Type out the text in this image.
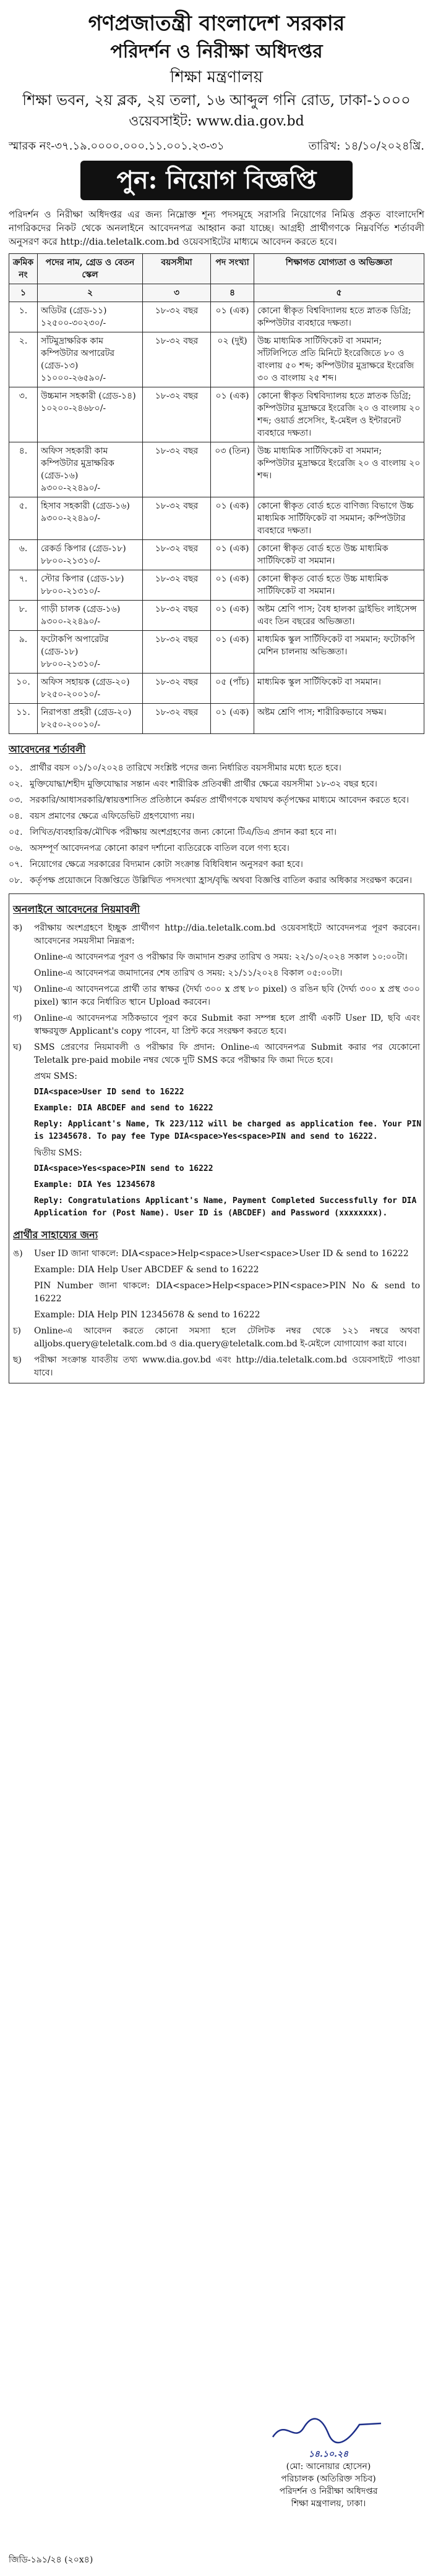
গণপ্রজাতন্ত্রী বাংলাদেশ সরকার
পরিদর্শন ও নিরীক্ষা অধিদপ্তর
শিক্ষা মন্ত্রণালয়
শিক্ষা ভবন, ২য় ব্লক, ২য় তলা, ১৬ আব্দুল গনি রোড, ঢাকা-১০০০
ওয়েবসাইট: www.dia.gov.bd
স্মারক নং-৩৭.১৯.০০০০.০০০.১১.০০১.২৩-৩১	তারিখ: ১৪/১০/২০২৪খ্রি.
পুন: নিয়োগ বিজ্ঞপ্তি
পরিদর্শন ও নিরীক্ষা অধিদপ্তর এর জন্য নিম্নোক্ত শূন্য পদসমূহে সরাসরি নিয়োগের নিমিত্ত প্রকৃত বাংলাদেশি নাগরিকদের নিকট থেকে অনলাইনে আবেদনপত্র আহ্বান করা যাচ্ছে। আগ্রহী প্রার্থীগণকে নিম্নবর্ণিত শর্তাবলী অনুসরণ করে http://dia.teletalk.com.bd ওয়েবসাইটের মাধ্যমে আবেদন করতে হবে।
ক্রমিক নং	পদের নাম, গ্রেড ও বেতন স্কেল	বয়সসীমা	পদ সংখ্যা	শিক্ষাগত যোগ্যতা ও অভিজ্ঞতা
১	২	৩	৪	৫
১.	অডিটর (গ্রেড-১১) ১২৫০০-৩০২৩০/-	১৮-৩২ বছর	০১ (এক)	কোনো স্বীকৃত বিশ্ববিদ্যালয় হতে স্নাতক ডিগ্রি; কম্পিউটার ব্যবহারে দক্ষতা।
২.	সাঁটমুদ্রাক্ষরিক কাম কম্পিউটার অপারেটর (গ্রেড-১৩) ১১০০০-২৬৫৯০/-	১৮-৩২ বছর	০২ (দুই)	উচ্চ মাধ্যমিক সার্টিফিকেট বা সমমান; সাঁটলিপিতে প্রতি মিনিটে ইংরেজিতে ৮০ ও বাংলায় ৫০ শব্দ; কম্পিউটার মুদ্রাক্ষরে ইংরেজি ৩০ ও বাংলায় ২৫ শব্দ।
৩.	উচ্চমান সহকারী (গ্রেড-১৪) ১০২০০-২৪৬৮০/-	১৮-৩২ বছর	০১ (এক)	কোনো স্বীকৃত বিশ্ববিদ্যালয় হতে স্নাতক ডিগ্রি; কম্পিউটার মুদ্রাক্ষরে ইংরেজি ২০ ও বাংলায় ২০ শব্দ; ওয়ার্ড প্রসেসিং, ই-মেইল ও ইন্টারনেট ব্যবহারে দক্ষতা।
৪.	অফিস সহকারী কাম কম্পিউটার মুদ্রাক্ষরিক (গ্রেড-১৬) ৯৩০০-২২৪৯০/-	১৮-৩২ বছর	০৩ (তিন)	উচ্চ মাধ্যমিক সার্টিফিকেট বা সমমান; কম্পিউটার মুদ্রাক্ষরে ইংরেজি ২০ ও বাংলায় ২০ শব্দ।
৫.	হিসাব সহকারী (গ্রেড-১৬) ৯৩০০-২২৪৯০/-	১৮-৩২ বছর	০১ (এক)	কোনো স্বীকৃত বোর্ড হতে বাণিজ্য বিভাগে উচ্চ মাধ্যমিক সার্টিফিকেট বা সমমান; কম্পিউটার ব্যবহারে দক্ষতা।
৬.	রেকর্ড কিপার (গ্রেড-১৮) ৮৮০০-২১৩১০/-	১৮-৩২ বছর	০১ (এক)	কোনো স্বীকৃত বোর্ড হতে উচ্চ মাধ্যমিক সার্টিফিকেট বা সমমান।
৭.	স্টোর কিপার (গ্রেড-১৮) ৮৮০০-২১৩১০/-	১৮-৩২ বছর	০১ (এক)	কোনো স্বীকৃত বোর্ড হতে উচ্চ মাধ্যমিক সার্টিফিকেট বা সমমান।
৮.	গাড়ী চালক (গ্রেড-১৬) ৯৩০০-২২৪৯০/-	১৮-৩২ বছর	০১ (এক)	অষ্টম শ্রেণি পাস; বৈধ হালকা ড্রাইভিং লাইসেন্স এবং তিন বছরের অভিজ্ঞতা।
৯.	ফটোকপি অপারেটর (গ্রেড-১৮) ৮৮০০-২১৩১০/-	১৮-৩২ বছর	০১ (এক)	মাধ্যমিক স্কুল সার্টিফিকেট বা সমমান; ফটোকপি মেশিন চালনায় অভিজ্ঞতা।
১০.	অফিস সহায়ক (গ্রেড-২০) ৮২৫০-২০০১০/-	১৮-৩২ বছর	০৫ (পাঁচ)	মাধ্যমিক স্কুল সার্টিফিকেট বা সমমান।
১১.	নিরাপত্তা প্রহরী (গ্রেড-২০) ৮২৫০-২০০১০/-	১৮-৩২ বছর	০১ (এক)	অষ্টম শ্রেণি পাস; শারীরিকভাবে সক্ষম।
আবেদনের শর্তাবলী
০১. প্রার্থীর বয়স ০১/১০/২০২৪ তারিখে সংশ্লিষ্ট পদের জন্য নির্ধারিত বয়সসীমার মধ্যে হতে হবে।
০২. মুক্তিযোদ্ধা/শহীদ মুক্তিযোদ্ধার সন্তান এবং শারীরিক প্রতিবন্ধী প্রার্থীর ক্ষেত্রে বয়সসীমা ১৮-৩২ বছর হবে।
০৩. সরকারি/আধাসরকারি/স্বায়ত্তশাসিত প্রতিষ্ঠানে কর্মরত প্রার্থীগণকে যথাযথ কর্তৃপক্ষের মাধ্যমে আবেদন করতে হবে।
০৪. বয়স প্রমাণের ক্ষেত্রে এফিডেভিট গ্রহণযোগ্য নয়।
০৫. লিখিত/ব্যবহারিক/মৌখিক পরীক্ষায় অংশগ্রহণের জন্য কোনো টিএ/ডিএ প্রদান করা হবে না।
০৬. অসম্পূর্ণ আবেদনপত্র কোনো কারণ দর্শানো ব্যতিরেকে বাতিল বলে গণ্য হবে।
০৭. নিয়োগের ক্ষেত্রে সরকারের বিদ্যমান কোটা সংক্রান্ত বিধিবিধান অনুসরণ করা হবে।
০৮. কর্তৃপক্ষ প্রয়োজনে বিজ্ঞপ্তিতে উল্লিখিত পদসংখ্যা হ্রাস/বৃদ্ধি অথবা বিজ্ঞপ্তি বাতিল করার অধিকার সংরক্ষণ করেন।
অনলাইনে আবেদনের নিয়মাবলী
ক)	পরীক্ষায় অংশগ্রহণে ইচ্ছুক প্রার্থীগণ http://dia.teletalk.com.bd ওয়েবসাইটে আবেদনপত্র পূরণ করবেন। আবেদনের সময়সীমা নিম্নরূপ:
Online-এ আবেদনপত্র পূরণ ও পরীক্ষার ফি জমাদান শুরুর তারিখ ও সময়: ২২/১০/২০২৪ সকাল ১০:০০টা।
Online-এ আবেদনপত্র জমাদানের শেষ তারিখ ও সময়: ২১/১১/২০২৪ বিকাল ০৫:০০টা।
খ)	Online-এ আবেদনপত্রে প্রার্থী তার স্বাক্ষর (দৈর্ঘ্য ৩০০ x প্রস্থ ৮০ pixel) ও রঙিন ছবি (দৈর্ঘ্য ৩০০ x প্রস্থ ৩০০ pixel) স্ক্যান করে নির্ধারিত স্থানে Upload করবেন।
গ)	Online-এ আবেদনপত্র সঠিকভাবে পূরণ করে Submit করা সম্পন্ন হলে প্রার্থী একটি User ID, ছবি এবং স্বাক্ষরযুক্ত Applicant's copy পাবেন, যা প্রিন্ট করে সংরক্ষণ করতে হবে।
ঘ)	SMS প্রেরণের নিয়মাবলী ও পরীক্ষার ফি প্রদান: Online-এ আবেদনপত্র Submit করার পর যেকোনো Teletalk pre-paid mobile নম্বর থেকে দুটি SMS করে পরীক্ষার ফি জমা দিতে হবে।
প্রথম SMS:
DIA<space>User ID send to 16222
Example: DIA ABCDEF and send to 16222
Reply: Applicant's Name, Tk 223/112 will be charged as application fee. Your PIN is 12345678. To pay fee Type DIA<space>Yes<space>PIN and send to 16222.
দ্বিতীয় SMS:
DIA<space>Yes<space>PIN send to 16222
Example: DIA Yes 12345678
Reply: Congratulations Applicant's Name, Payment Completed Successfully for DIA Application for (Post Name). User ID is (ABCDEF) and Password (xxxxxxxx).
প্রার্থীর সাহায্যের জন্য
ঙ)	User ID জানা থাকলে: DIA<space>Help<space>User<space>User ID & send to 16222
Example: DIA Help User ABCDEF & send to 16222
PIN Number জানা থাকলে: DIA<space>Help<space>PIN<space>PIN No & send to 16222
Example: DIA Help PIN 12345678 & send to 16222
চ)	Online-এ আবেদন করতে কোনো সমস্যা হলে টেলিটক নম্বর থেকে ১২১ নম্বরে অথবা alljobs.query@teletalk.com.bd ও dia.query@teletalk.com.bd ই-মেইলে যোগাযোগ করা যাবে।
ছ)	পরীক্ষা সংক্রান্ত যাবতীয় তথ্য www.dia.gov.bd এবং http://dia.teletalk.com.bd ওয়েবসাইটে পাওয়া যাবে।
১৪.১০.২৪
(মো: আনোয়ার হোসেন)
পরিচালক (অতিরিক্ত সচিব)
পরিদর্শন ও নিরীক্ষা অধিদপ্তর
শিক্ষা মন্ত্রণালয়, ঢাকা।
জিডি-১৯১/২৪ (২০x৪)
